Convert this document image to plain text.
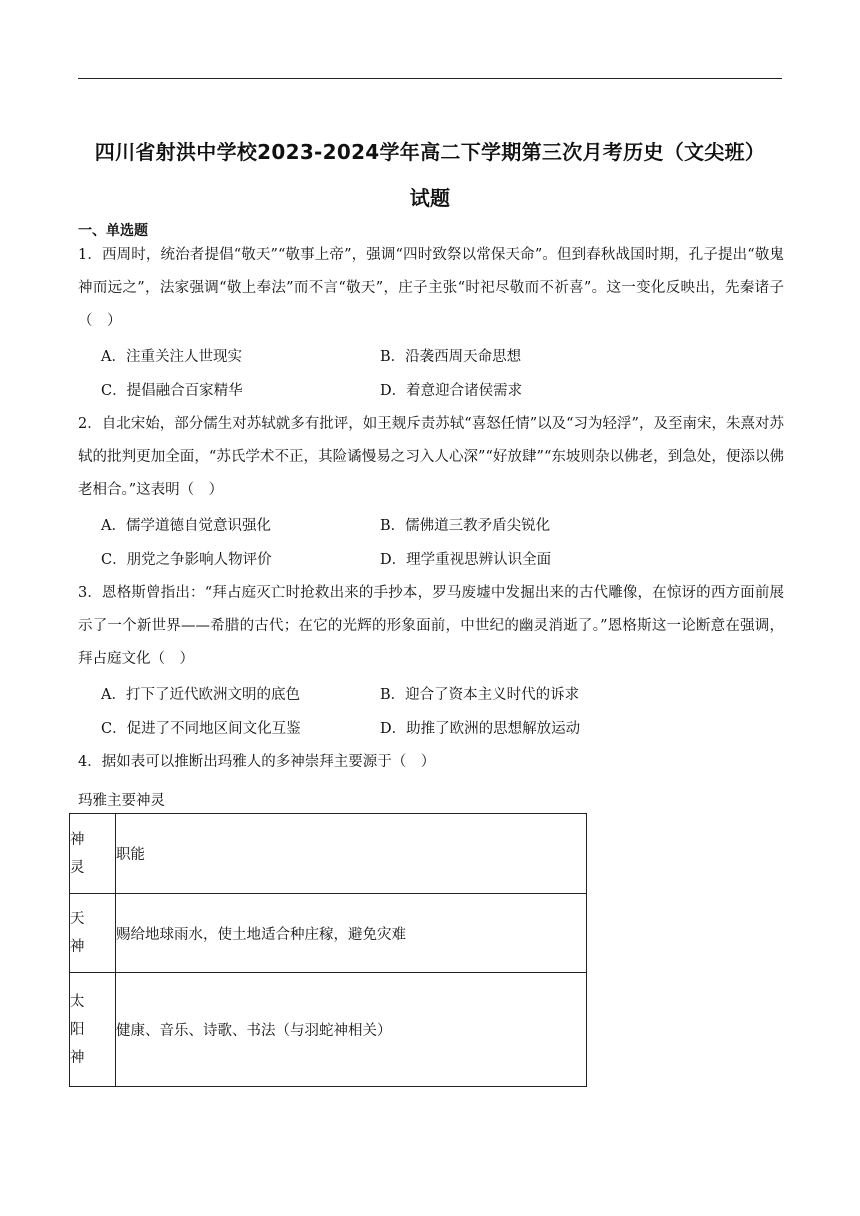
四川省射洪中学校2023-2024学年高二下学期第三次月考历史（文尖班）
试题
一、单选题
1．西周时，统治者提倡“敬天”“敬事上帝”，强调“四时致祭以常保天命”。但到春秋战国时期，孔子提出“敬鬼神而远之”，法家强调“敬上奉法”而不言“敬天”，庄子主张“时祀尽敬而不祈喜”。这一变化反映出，先秦诸子（　）
A．注重关注人世现实	B．沿袭西周天命思想
C．提倡融合百家精华	D．着意迎合诸侯需求
2．自北宋始，部分儒生对苏轼就多有批评，如王觌斥责苏轼“喜怒任情”以及“习为轻浮”，及至南宋，朱熹对苏轼的批判更加全面，“苏氏学术不正，其险谲慢易之习入人心深”“好放肆”“东坡则杂以佛老，到急处，便添以佛老相合。”这表明（　）
A．儒学道德自觉意识强化	B．儒佛道三教矛盾尖锐化
C．朋党之争影响人物评价	D．理学重视思辨认识全面
3．恩格斯曾指出：“拜占庭灭亡时抢救出来的手抄本，罗马废墟中发掘出来的古代雕像，在惊讶的西方面前展示了一个新世界——希腊的古代；在它的光辉的形象面前，中世纪的幽灵消逝了。”恩格斯这一论断意在强调，拜占庭文化（　）
A．打下了近代欧洲文明的底色	B．迎合了资本主义时代的诉求
C．促进了不同地区间文化互鉴	D．助推了欧洲的思想解放运动
4．据如表可以推断出玛雅人的多神崇拜主要源于（　）
玛雅主要神灵
神
灵	职能

天
神	赐给地球雨水，使土地适合种庄稼，避免灾难

太
阳
神	健康、音乐、诗歌、书法（与羽蛇神相关）
